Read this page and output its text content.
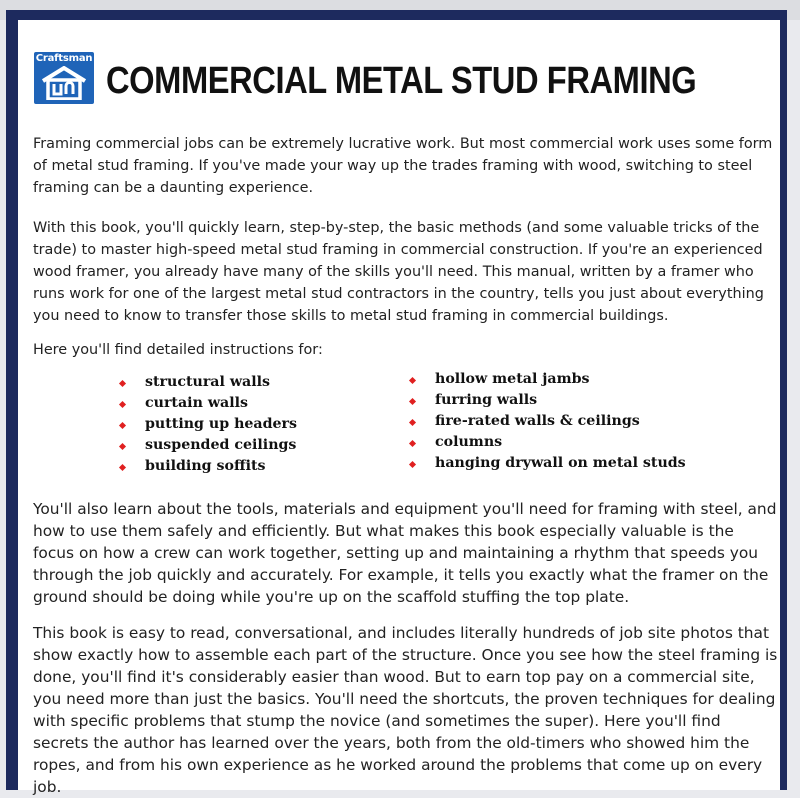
Craftsman
COMMERCIAL METAL STUD FRAMING

Framing commercial jobs can be extremely lucrative work. But most commercial work uses some form of metal stud framing. If you've made your way up the trades framing with wood, switching to steel framing can be a daunting experience.

With this book, you'll quickly learn, step-by-step, the basic methods (and some valuable tricks of the trade) to master high-speed metal stud framing in commercial construction. If you're an experienced wood framer, you already have many of the skills you'll need. This manual, written by a framer who runs work for one of the largest metal stud contractors in the country, tells you just about everything you need to know to transfer those skills to metal stud framing in commercial buildings.

Here you'll find detailed instructions for:

structural walls
curtain walls
putting up headers
suspended ceilings
building soffits
hollow metal jambs
furring walls
fire-rated walls & ceilings
columns
hanging drywall on metal studs

You'll also learn about the tools, materials and equipment you'll need for framing with steel, and how to use them safely and efficiently. But what makes this book especially valuable is the focus on how a crew can work together, setting up and maintaining a rhythm that speeds you through the job quickly and accurately. For example, it tells you exactly what the framer on the ground should be doing while you're up on the scaffold stuffing the top plate.

This book is easy to read, conversational, and includes literally hundreds of job site photos that show exactly how to assemble each part of the structure. Once you see how the steel framing is done, you'll find it's considerably easier than wood. But to earn top pay on a commercial site, you need more than just the basics. You'll need the shortcuts, the proven techniques for dealing with specific problems that stump the novice (and sometimes the super). Here you'll find secrets the author has learned over the years, both from the old-timers who showed him the ropes, and from his own experience as he worked around the problems that come up on every job.
